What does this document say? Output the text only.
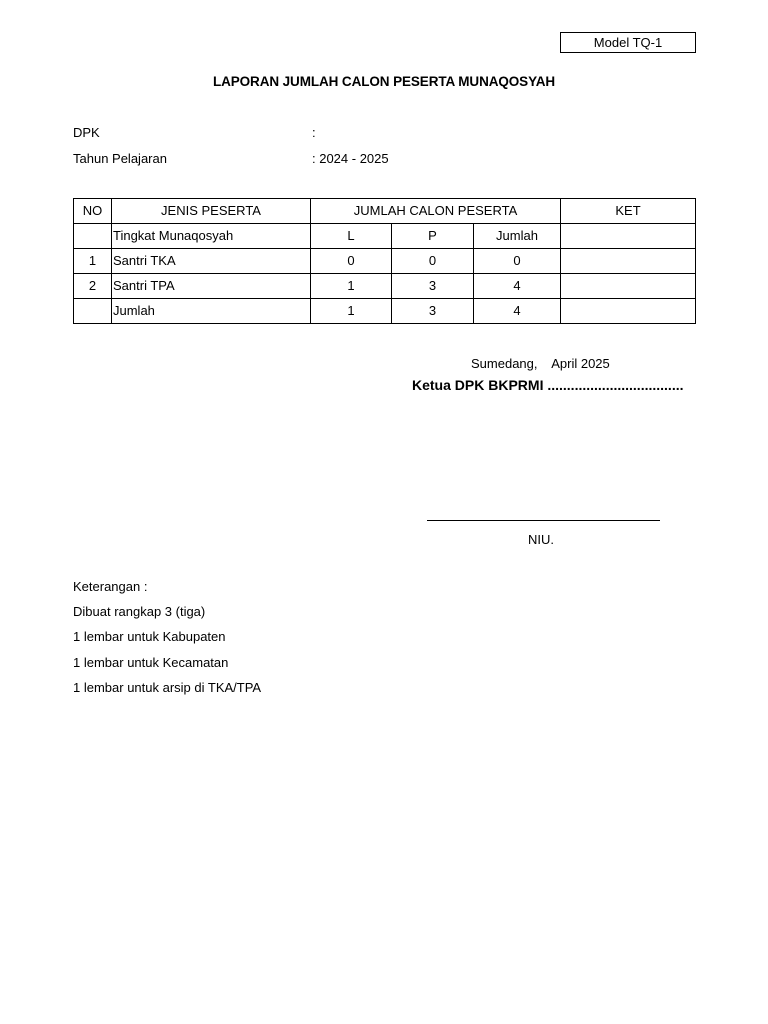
Model TQ-1
LAPORAN JUMLAH CALON PESERTA MUNAQOSYAH
DPK	:
Tahun Pelajaran	: 2024 - 2025
NO	JENIS PESERTA	JUMLAH CALON PESERTA			KET
	Tingkat Munaqosyah	L	P	Jumlah	
1	Santri TKA	0	0	0	
2	Santri TPA	1	3	4	
	Jumlah	1	3	4	
Sumedang,    April 2025
Ketua DPK BKPRMI ...................................
NIU.
Keterangan :
Dibuat rangkap 3 (tiga)
1 lembar untuk Kabupaten
1 lembar untuk Kecamatan
1 lembar untuk arsip di TKA/TPA
